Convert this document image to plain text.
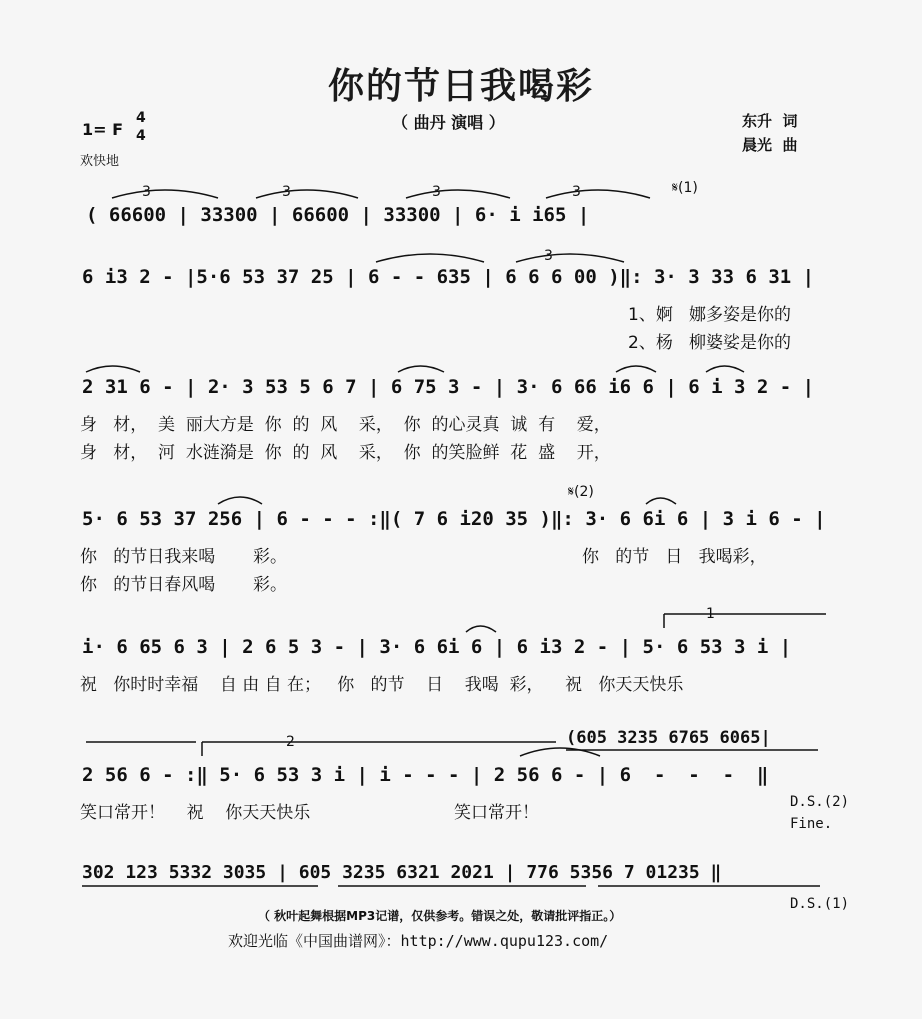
你的节日我喝彩
（ 曲丹 演唱 ）
1= F
4
4
欢快地
东升  词
晨光  曲
3	3	3	3
3
𝄋(1)
𝄋(2)
( 66600 | 33300 | 66600 | 33300 | 6· i i65 |
6 i3 2 - |5·6 53 37 25 | 6 - - 635 | 6 6 6 00 )‖: 3· 3 33 6 31 |
1、婀   娜多姿是你的
2、杨   柳婆娑是你的
2 31 6 - | 2· 3 53 5 6 7 | 6 75 3 - | 3· 6 66 i6 6 | 6 i 3 2 - |
身   材，  美  丽大方是  你  的  风    采，  你  的心灵真  诚  有    爱，
身   材，  河  水涟漪是  你  的  风    采，  你  的笑脸鲜  花  盛    开，
5· 6 53 37 256 | 6 - - - :‖( 7 6 i20 35 )‖: 3· 6 6i 6 | 3 i 6 - |
你   的节日我来喝       彩。	你   的节   日   我喝彩，
你   的节日春风喝       彩。
1
i· 6 65 6 3 | 2 6 5 3 - | 3· 6 6i 6 | 6 i3 2 - | 5· 6 53 3 i |
祝   你时时幸福    自 由 自 在；   你   的节    日    我喝  彩，    祝   你天天快乐
2	(605 3235 6765 6065|
2 56 6 - :‖ 5· 6 53 3 i | i - - - | 2 56 6 - | 6  -  -  -  ‖
笑口常开！    祝    你天天快乐	笑口常开！
D.S.(2)
Fine.
302 123 5332 3035 | 605 3235 6321 2021 | 776 5356 7 01235 ‖
D.S.(1)
（ 秋叶起舞根据MP3记谱，仅供参考。错误之处，敬请批评指正。）
欢迎光临《中国曲谱网》：http://www.qupu123.com/
